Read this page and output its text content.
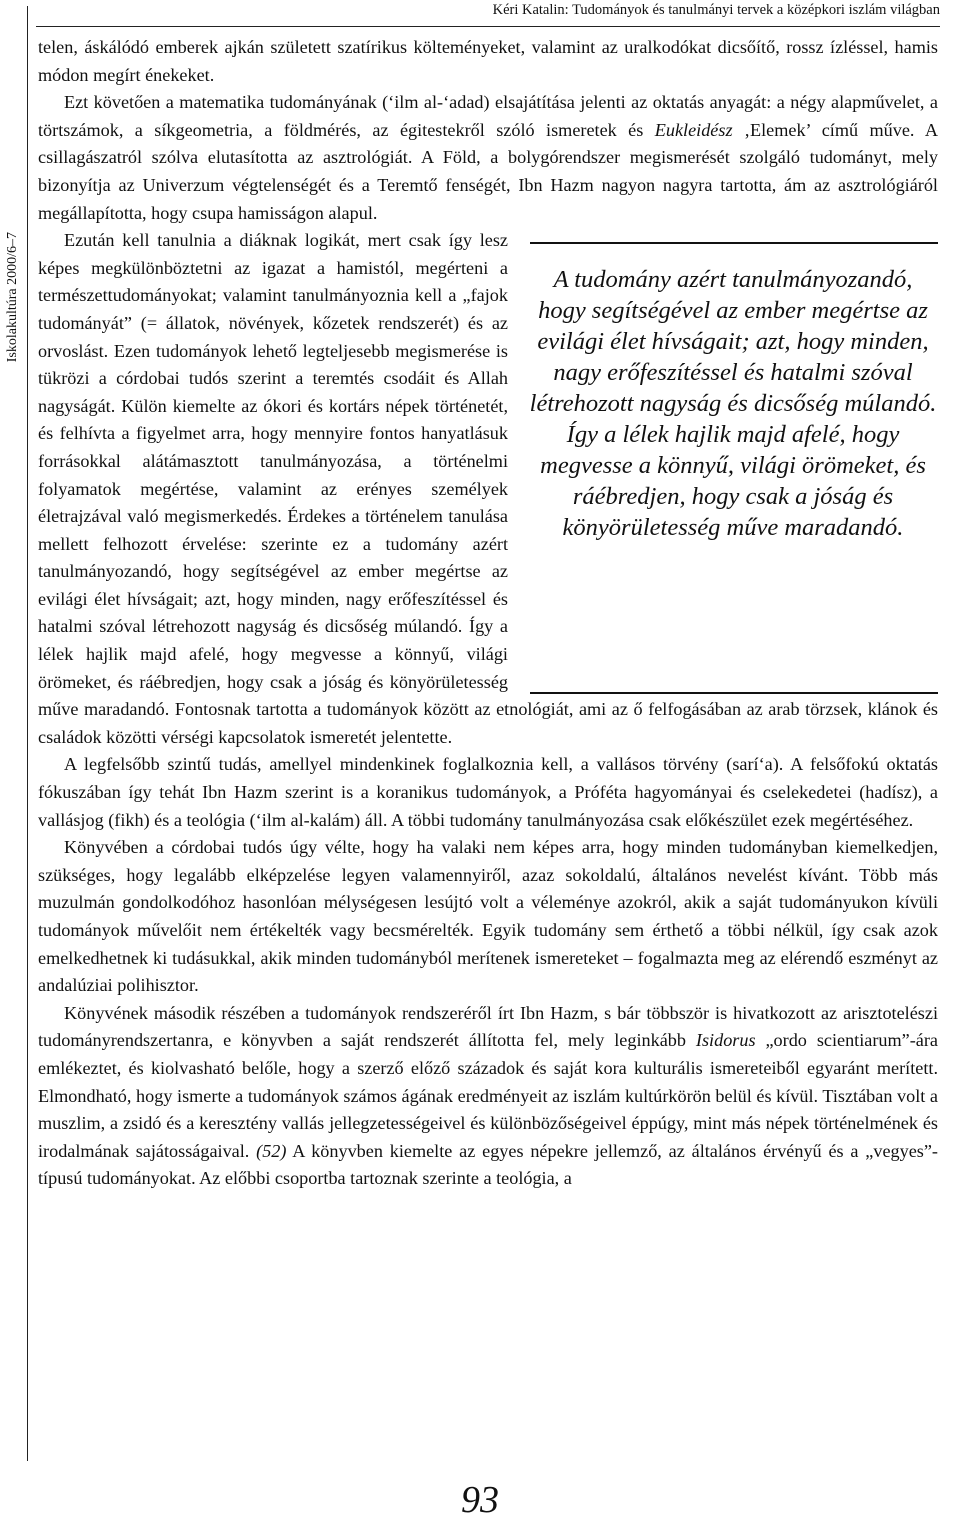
Kéri Katalin: Tudományok és tanulmányi tervek a középkori iszlám világban
Iskolakultúra 2000/6–7

telen, áskálódó emberek ajkán született szatírikus költeményeket, valamint az uralkodókat dicsőítő, rossz ízléssel, hamis módon megírt énekeket.

Ezt követően a matematika tudományának (‘ilm al-‘adad) elsajátítása jelenti az oktatás anyagát: a négy alapművelet, a törtszámok, a síkgeometria, a földmérés, az égitestekről szóló ismeretek és Eukleidész ‚Elemek’ című műve. A csillagászatról szólva elutasította az asztrológiát. A Föld, a bolygórendszer megismerését szolgáló tudományt, mely bizonyítja az Univerzum végtelenségét és a Teremtő fenségét, Ibn Hazm nagyon nagyra tartotta, ám az asztrológiáról megállapította, hogy csupa hamisságon alapul.

A tudomány azért tanulmányozandó, hogy segítségével az ember megértse az evilági élet hívságait; azt, hogy minden, nagy erőfeszítéssel és hatalmi szóval létrehozott nagyság és dicsőség múlandó. Így a lélek hajlik majd afelé, hogy megvesse a könnyű, világi örömeket, és ráébredjen, hogy csak a jóság és könyörületesség műve maradandó.

Ezután kell tanulnia a diáknak logikát, mert csak így lesz képes megkülönböztetni az igazat a hamistól, megérteni a természettudományokat; valamint tanulmányoznia kell a „fajok tudományát” (= állatok, növények, kőzetek rendszerét) és az orvoslást. Ezen tudományok lehető legteljesebb megismerése is tükrözi a córdobai tudós szerint a teremtés csodáit és Allah nagyságát. Külön kiemelte az ókori és kortárs népek történetét, és felhívta a figyelmet arra, hogy mennyire fontos hanyatlásuk forrásokkal alátámasztott tanulmányozása, a történelmi folyamatok megértése, valamint az erényes személyek életrajzával való megismerkedés. Érdekes a történelem tanulása mellett felhozott érvelése: szerinte ez a tudomány azért tanulmányozandó, hogy segítségével az ember megértse az evilági élet hívságait; azt, hogy minden, nagy erőfeszítéssel és hatalmi szóval létrehozott nagyság és dicsőség múlandó. Így a lélek hajlik majd afelé, hogy megvesse a könnyű, világi örömeket, és ráébredjen, hogy csak a jóság és könyörületesség műve maradandó. Fontosnak tartotta a tudományok között az etnológiát, ami az ő felfogásában az arab törzsek, klánok és családok közötti vérségi kapcsolatok ismeretét jelentette.

A legfelsőbb szintű tudás, amellyel mindenkinek foglalkoznia kell, a vallásos törvény (sarí‘a). A felsőfokú oktatás fókuszában így tehát Ibn Hazm szerint is a koranikus tudományok, a Próféta hagyományai és cselekedetei (hadísz), a vallásjog (fikh) és a teológia (‘ilm al-kalám) áll. A többi tudomány tanulmányozása csak előkészület ezek megértéséhez.

Könyvében a córdobai tudós úgy vélte, hogy ha valaki nem képes arra, hogy minden tudományban kiemelkedjen, szükséges, hogy legalább elképzelése legyen valamennyiről, azaz sokoldalú, általános nevelést kívánt. Több más muzulmán gondolkodóhoz hasonlóan mélységesen lesújtó volt a véleménye azokról, akik a saját tudományukon kívüli tudományok művelőit nem értékelték vagy becsmérelték. Egyik tudomány sem érthető a többi nélkül, így csak azok emelkedhetnek ki tudásukkal, akik minden tudományból merítenek ismereteket – fogalmazta meg az elérendő eszményt az andalúziai polihisztor.

Könyvének második részében a tudományok rendszeréről írt Ibn Hazm, s bár többször is hivatkozott az arisztotelészi tudományrendszertanra, e könyvben a saját rendszerét állította fel, mely leginkább Isidorus „ordo scientiarum”-ára emlékeztet, és kiolvasható belőle, hogy a szerző előző századok és saját kora kulturális ismereteiből egyaránt merített. Elmondható, hogy ismerte a tudományok számos ágának eredményeit az iszlám kultúrkörön belül és kívül. Tisztában volt a muszlim, a zsidó és a keresztény vallás jellegzetességeivel és különbözőségeivel éppúgy, mint más népek történelmének és irodalmának sajátosságaival. (52) A könyvben kiemelte az egyes népekre jellemző, az általános érvényű és a „vegyes”-típusú tudományokat. Az előbbi csoportba tartoznak szerinte a teológia, a

93
